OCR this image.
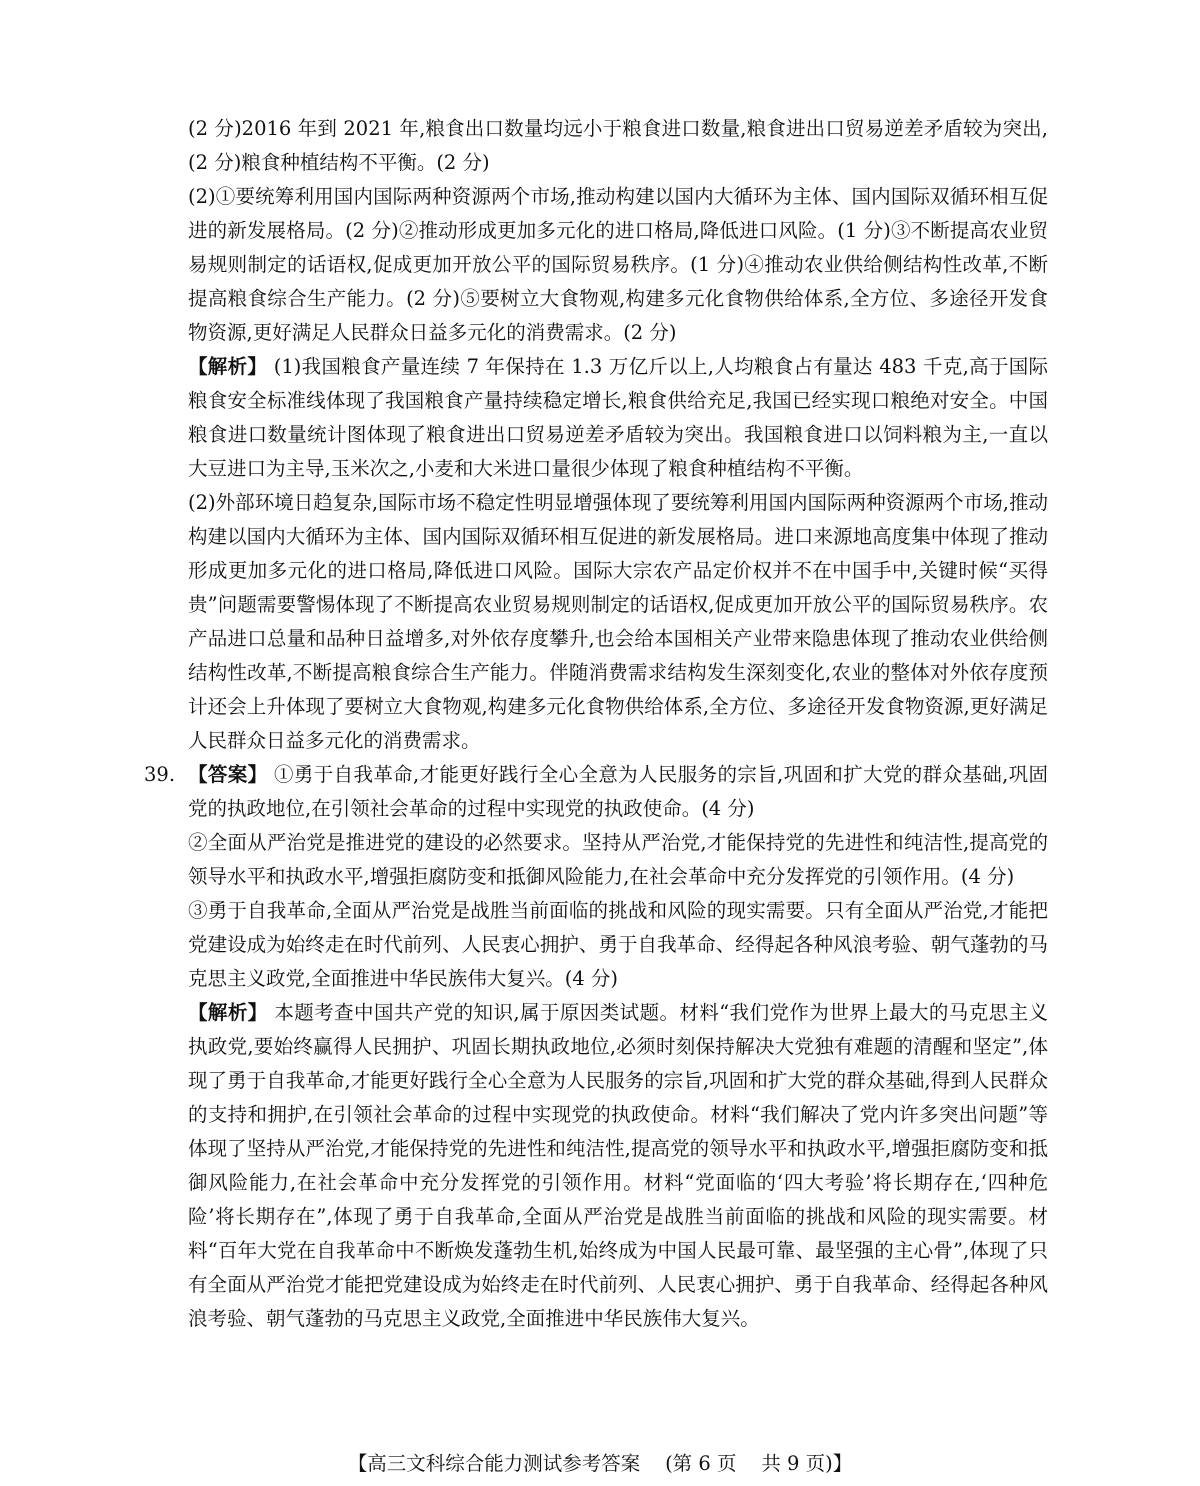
(2 分)2016 年到 2021 年,粮食出口数量均远小于粮食进口数量,粮食进出口贸易逆差矛盾较为突出,(2 分)粮食种植结构不平衡。(2 分)

(2)①要统筹利用国内国际两种资源两个市场,推动构建以国内大循环为主体、国内国际双循环相互促进的新发展格局。(2 分)②推动形成更加多元化的进口格局,降低进口风险。(1 分)③不断提高农业贸易规则制定的话语权,促成更加开放公平的国际贸易秩序。(1 分)④推动农业供给侧结构性改革,不断提高粮食综合生产能力。(2 分)⑤要树立大食物观,构建多元化食物供给体系,全方位、多途径开发食物资源,更好满足人民群众日益多元化的消费需求。(2 分)

【解析】 (1)我国粮食产量连续 7 年保持在 1.3 万亿斤以上,人均粮食占有量达 483 千克,高于国际粮食安全标准线体现了我国粮食产量持续稳定增长,粮食供给充足,我国已经实现口粮绝对安全。中国粮食进口数量统计图体现了粮食进出口贸易逆差矛盾较为突出。我国粮食进口以饲料粮为主,一直以大豆进口为主导,玉米次之,小麦和大米进口量很少体现了粮食种植结构不平衡。

(2)外部环境日趋复杂,国际市场不稳定性明显增强体现了要统筹利用国内国际两种资源两个市场,推动构建以国内大循环为主体、国内国际双循环相互促进的新发展格局。进口来源地高度集中体现了推动形成更加多元化的进口格局,降低进口风险。国际大宗农产品定价权并不在中国手中,关键时候“买得贵”问题需要警惕体现了不断提高农业贸易规则制定的话语权,促成更加开放公平的国际贸易秩序。农产品进口总量和品种日益增多,对外依存度攀升,也会给本国相关产业带来隐患体现了推动农业供给侧结构性改革,不断提高粮食综合生产能力。伴随消费需求结构发生深刻变化,农业的整体对外依存度预计还会上升体现了要树立大食物观,构建多元化食物供给体系,全方位、多途径开发食物资源,更好满足人民群众日益多元化的消费需求。

39. 【答案】 ①勇于自我革命,才能更好践行全心全意为人民服务的宗旨,巩固和扩大党的群众基础,巩固党的执政地位,在引领社会革命的过程中实现党的执政使命。(4 分)

②全面从严治党是推进党的建设的必然要求。坚持从严治党,才能保持党的先进性和纯洁性,提高党的领导水平和执政水平,增强拒腐防变和抵御风险能力,在社会革命中充分发挥党的引领作用。(4 分)

③勇于自我革命,全面从严治党是战胜当前面临的挑战和风险的现实需要。只有全面从严治党,才能把党建设成为始终走在时代前列、人民衷心拥护、勇于自我革命、经得起各种风浪考验、朝气蓬勃的马克思主义政党,全面推进中华民族伟大复兴。(4 分)

【解析】 本题考查中国共产党的知识,属于原因类试题。材料“我们党作为世界上最大的马克思主义执政党,要始终赢得人民拥护、巩固长期执政地位,必须时刻保持解决大党独有难题的清醒和坚定”,体现了勇于自我革命,才能更好践行全心全意为人民服务的宗旨,巩固和扩大党的群众基础,得到人民群众的支持和拥护,在引领社会革命的过程中实现党的执政使命。材料“我们解决了党内许多突出问题”等体现了坚持从严治党,才能保持党的先进性和纯洁性,提高党的领导水平和执政水平,增强拒腐防变和抵御风险能力,在社会革命中充分发挥党的引领作用。材料“党面临的‘四大考验’将长期存在,‘四种危险’将长期存在”,体现了勇于自我革命,全面从严治党是战胜当前面临的挑战和风险的现实需要。材料“百年大党在自我革命中不断焕发蓬勃生机,始终成为中国人民最可靠、最坚强的主心骨”,体现了只有全面从严治党才能把党建设成为始终走在时代前列、人民衷心拥护、勇于自我革命、经得起各种风浪考验、朝气蓬勃的马克思主义政党,全面推进中华民族伟大复兴。

【高三文科综合能力测试参考答案 (第 6 页 共 9 页)】
